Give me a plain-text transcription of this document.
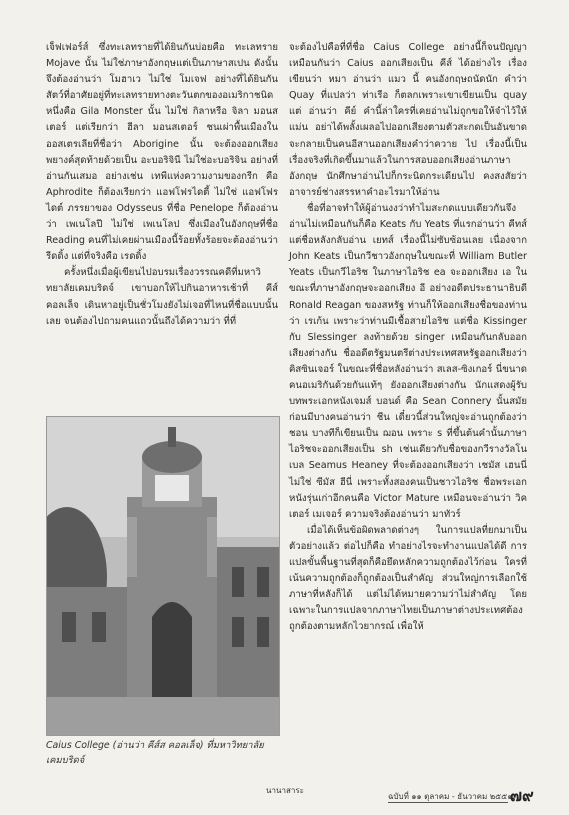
เจ็ฟเฟอร์ส์ ซึ่งทะเลทรายที่ได้ยินกันบ่อยคือ ทะเลทราย Mojave นั้น ไม่ใช่ภาษาอังกฤษแต่เป็นภาษาสเปน ดังนั้น จึงต้องอ่านว่า โมฮาเว ไม่ใช่ โมเจฟ อย่างที่ได้ยินกัน สัตว์ที่อาศัยอยู่ที่ทะเลทรายทางตะวันตกของอเมริกาชนิดหนึ่งคือ Gila Monster นั้น ไม่ใช่ กิลาหรือ จิลา มอนสเตอร์ แต่เรียกว่า ฮีลา มอนสเตอร์ ชนเผ่าพื้นเมืองในออสเตรเลียที่ชื่อว่า Aborigine นั้น จะต้องออกเสียงพยางค์สุดท้ายด้วยเป็น อะบอริจินี ไม่ใช่อะบอริจิน อย่างที่อ่านกันเสมอ อย่างเช่น เทพีแห่งความงามของกรีก คือ Aphrodite ก็ต้องเรียกว่า แอฟโฟรไดตี้ ไม่ใช่ แอฟโฟรไดต์ ภรรยาของ Odysseus ที่ชื่อ Penelope ก็ต้องอ่านว่า เพเนโลปี ไม่ใช่ เพเนโลป ซึ่งเมืองในอังกฤษที่ชื่อ Reading คนที่ไม่เคยผ่านเมืองนี้ร้อยทั้งร้อยจะต้องอ่านว่า รีดดิ้ง แต่ที่จริงคือ เรดดิ้ง

ครั้งหนึ่งเมื่อผู้เขียนไปอบรมเรื่องวรรณคดีที่มหาวิทยาลัยเคมบริดจ์ เขาบอกให้ไปกินอาหารเช้าที่ คีส์ คอลเล็จ เดินหาอยู่เป็นชั่วโมงยังไม่เจอที่ไหนที่ชื่อแบบนั้นเลย จนต้องไปถามคนแถวนั้นถึงได้ความว่า ที่ที่

จะต้องไปคือที่ที่ชื่อ Caius College อย่างนี้ก็จนปัญญาเหมือนกันว่า Caius ออกเสียงเป็น คีส์ ได้อย่างไร เรื่องเขียนว่า หมา อ่านว่า แมว นี้ คนอังกฤษถนัดนัก คำว่า Quay ที่แปลว่า ท่าเรือ ก็ตลกเพราะเขาเขียนเป็น quay แต่ อ่านว่า คีย์ คำนี้ล่าใครที่เคยอ่านไม่ถูกขอให้จำไว้ให้แม่น อย่าได้พลั้งเผลอไปออกเสียงตามตัวสะกดเป็นอันขาด จะกลายเป็นคนอีสานออกเสียงคำว่าควาย ไป เรื่องนี้เป็นเรื่องจริงที่เกิดขึ้นมาแล้วในการสอบออกเสียงอ่านภาษาอังกฤษ นักศึกษาอ่านไปก็กระนิดกระเดียนไป คงสงสัยว่าอาจารย์ช่างสรรหาคำอะไรมาให้อ่าน

ชื่อที่อาจทำให้ผู้อ่านงงว่าทำไมสะกดแบบเดียวกันจึงอ่านไม่เหมือนกันก็คือ Keats กับ Yeats ที่แรกอ่านว่า คีทส์ แต่ชื่อหลังกลับอ่าน เยทส์ เรื่องนี้ไม่ซับซ้อนเลย เนื่องจาก John Keats เป็นกวีชาวอังกฤษในขณะที่ William Butler Yeats เป็นกวีไอริช ในภาษาไอริช ea จะออกเสียง เอ ในขณะที่ภาษาอังกฤษจะออกเสียง อี อย่างอดีตประธานาธิบดี Ronald Reagan ของสหรัฐ ท่านก็ให้ออกเสียงชื่อของท่านว่า เรเก้น เพราะว่าท่านมีเชื้อสายไอริช แต่ชื่อ Kissinger กับ Slessinger ลงท้ายด้วย singer เหมือนกันกลับออกเสียงต่างกัน ชื่ออดีตรัฐมนตรีต่างประเทศสหรัฐออกเสียงว่า คิสซินเจอร์ ในขณะที่ชื่อหลังอ่านว่า สเลส-ซิงเกอร์ นี่ขนาดคนอเมริกันด้วยกันแท้ๆ ยังออกเสียงต่างกัน นักแสดงผู้รับบทพระเอกหนังเจมส์ บอนด์ คือ Sean Connery นั้นสมัยก่อนมีบางคนอ่านว่า ชีน เดี๋ยวนี้ส่วนใหญ่จะอ่านถูกต้องว่า ชอน บางทีก็เขียนเป็น ฌอน เพราะ s ที่ขึ้นต้นคำนั้นภาษาไอริชจะออกเสียงเป็น sh เช่นเดียวกับชื่อของกวีรางวัลโนเบล Seamus Heaney ที่จะต้องออกเสียงว่า เชมัส เฮนนี่ ไม่ใช่ ซีมัส ฮีนี่ เพราะทั้งสองคนเป็นชาวไอริช ชื่อพระเอกหนังรุ่นเก่าอีกคนคือ Victor Mature เหมือนจะอ่านว่า วิคเตอร์ เมเจอร์ ความจริงต้องอ่านว่า มาทัวร์

เมื่อได้เห็นข้อผิดพลาดต่างๆ ในการแปลที่ยกมาเป็นตัวอย่างแล้ว ต่อไปก็คือ ทำอย่างไรจะทำงานแปลได้ดี การแปลขั้นพื้นฐานที่สุดก็คือยึดหลักความถูกต้องไว้ก่อน ใครที่เน้นความถูกต้องก็ถูกต้องเป็นสำคัญ ส่วนใหญ่การเลือกใช้ภาษาที่หลังก็ได้ แต่ไม่ได้หมายความว่าไม่สำคัญ โดยเฉพาะในการแปลจากภาษาไทยเป็นภาษาต่างประเทศต้องถูกต้องตามหลักไวยากรณ์ เพื่อให้

Caius College (อ่านว่า คีส์ส คอลเล็จ) ที่มหาวิทยาลัยเคมบริดจ์
นานาสาระ
ฉบับที่ ๑๑ ตุลาคม - ธันวาคม ๒๕๕๑
๗๙
